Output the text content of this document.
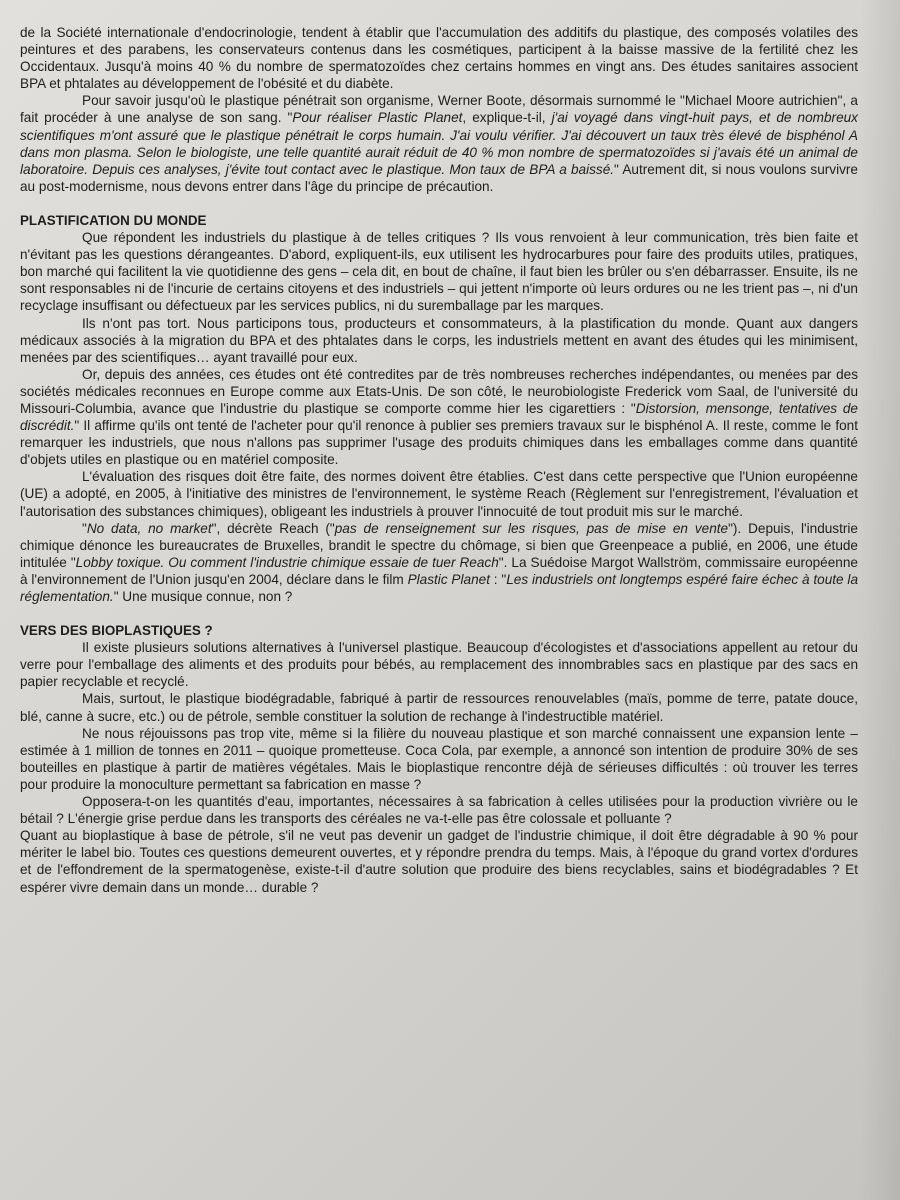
de la Société internationale d'endocrinologie, tendent à établir que l'accumulation des additifs du plastique, des composés volatiles des peintures et des parabens, les conservateurs contenus dans les cosmétiques, participent à la baisse massive de la fertilité chez les Occidentaux. Jusqu'à moins 40 % du nombre de spermatozoïdes chez certains hommes en vingt ans. Des études sanitaires associent BPA et phtalates au développement de l'obésité et du diabète.

Pour savoir jusqu'où le plastique pénétrait son organisme, Werner Boote, désormais surnommé le "Michael Moore autrichien", a fait procéder à une analyse de son sang. "Pour réaliser Plastic Planet, explique-t-il, j'ai voyagé dans vingt-huit pays, et de nombreux scientifiques m'ont assuré que le plastique pénétrait le corps humain. J'ai voulu vérifier. J'ai découvert un taux très élevé de bisphénol A dans mon plasma. Selon le biologiste, une telle quantité aurait réduit de 40 % mon nombre de spermatozoïdes si j'avais été un animal de laboratoire. Depuis ces analyses, j'évite tout contact avec le plastique. Mon taux de BPA a baissé." Autrement dit, si nous voulons survivre au post-modernisme, nous devons entrer dans l'âge du principe de précaution.

PLASTIFICATION DU MONDE

Que répondent les industriels du plastique à de telles critiques ? Ils vous renvoient à leur communication, très bien faite et n'évitant pas les questions dérangeantes. D'abord, expliquent-ils, eux utilisent les hydrocarbures pour faire des produits utiles, pratiques, bon marché qui facilitent la vie quotidienne des gens – cela dit, en bout de chaîne, il faut bien les brûler ou s'en débarrasser. Ensuite, ils ne sont responsables ni de l'incurie de certains citoyens et des industriels – qui jettent n'importe où leurs ordures ou ne les trient pas –, ni d'un recyclage insuffisant ou défectueux par les services publics, ni du suremballage par les marques.

Ils n'ont pas tort. Nous participons tous, producteurs et consommateurs, à la plastification du monde. Quant aux dangers médicaux associés à la migration du BPA et des phtalates dans le corps, les industriels mettent en avant des études qui les minimisent, menées par des scientifiques… ayant travaillé pour eux.

Or, depuis des années, ces études ont été contredites par de très nombreuses recherches indépendantes, ou menées par des sociétés médicales reconnues en Europe comme aux Etats-Unis. De son côté, le neurobiologiste Frederick vom Saal, de l'université du Missouri-Columbia, avance que l'industrie du plastique se comporte comme hier les cigarettiers : "Distorsion, mensonge, tentatives de discrédit." Il affirme qu'ils ont tenté de l'acheter pour qu'il renonce à publier ses premiers travaux sur le bisphénol A. Il reste, comme le font remarquer les industriels, que nous n'allons pas supprimer l'usage des produits chimiques dans les emballages comme dans quantité d'objets utiles en plastique ou en matériel composite.

L'évaluation des risques doit être faite, des normes doivent être établies. C'est dans cette perspective que l'Union européenne (UE) a adopté, en 2005, à l'initiative des ministres de l'environnement, le système Reach (Règlement sur l'enregistrement, l'évaluation et l'autorisation des substances chimiques), obligeant les industriels à prouver l'innocuité de tout produit mis sur le marché.

"No data, no market", décrète Reach ("pas de renseignement sur les risques, pas de mise en vente"). Depuis, l'industrie chimique dénonce les bureaucrates de Bruxelles, brandit le spectre du chômage, si bien que Greenpeace a publié, en 2006, une étude intitulée "Lobby toxique. Ou comment l'industrie chimique essaie de tuer Reach". La Suédoise Margot Wallström, commissaire européenne à l'environnement de l'Union jusqu'en 2004, déclare dans le film Plastic Planet : "Les industriels ont longtemps espéré faire échec à toute la réglementation." Une musique connue, non ?

VERS DES BIOPLASTIQUES ?

Il existe plusieurs solutions alternatives à l'universel plastique. Beaucoup d'écologistes et d'associations appellent au retour du verre pour l'emballage des aliments et des produits pour bébés, au remplacement des innombrables sacs en plastique par des sacs en papier recyclable et recyclé.

Mais, surtout, le plastique biodégradable, fabriqué à partir de ressources renouvelables (maïs, pomme de terre, patate douce, blé, canne à sucre, etc.) ou de pétrole, semble constituer la solution de rechange à l'indestructible matériel.

Ne nous réjouissons pas trop vite, même si la filière du nouveau plastique et son marché connaissent une expansion lente – estimée à 1 million de tonnes en 2011 – quoique prometteuse. Coca Cola, par exemple, a annoncé son intention de produire 30% de ses bouteilles en plastique à partir de matières végétales. Mais le bioplastique rencontre déjà de sérieuses difficultés : où trouver les terres pour produire la monoculture permettant sa fabrication en masse ?

Opposera-t-on les quantités d'eau, importantes, nécessaires à sa fabrication à celles utilisées pour la production vivrière ou le bétail ? L'énergie grise perdue dans les transports des céréales ne va-t-elle pas être colossale et polluante ?

Quant au bioplastique à base de pétrole, s'il ne veut pas devenir un gadget de l'industrie chimique, il doit être dégradable à 90 % pour mériter le label bio. Toutes ces questions demeurent ouvertes, et y répondre prendra du temps. Mais, à l'époque du grand vortex d'ordures et de l'effondrement de la spermatogenèse, existe-t-il d'autre solution que produire des biens recyclables, sains et biodégradables ? Et espérer vivre demain dans un monde… durable ?
